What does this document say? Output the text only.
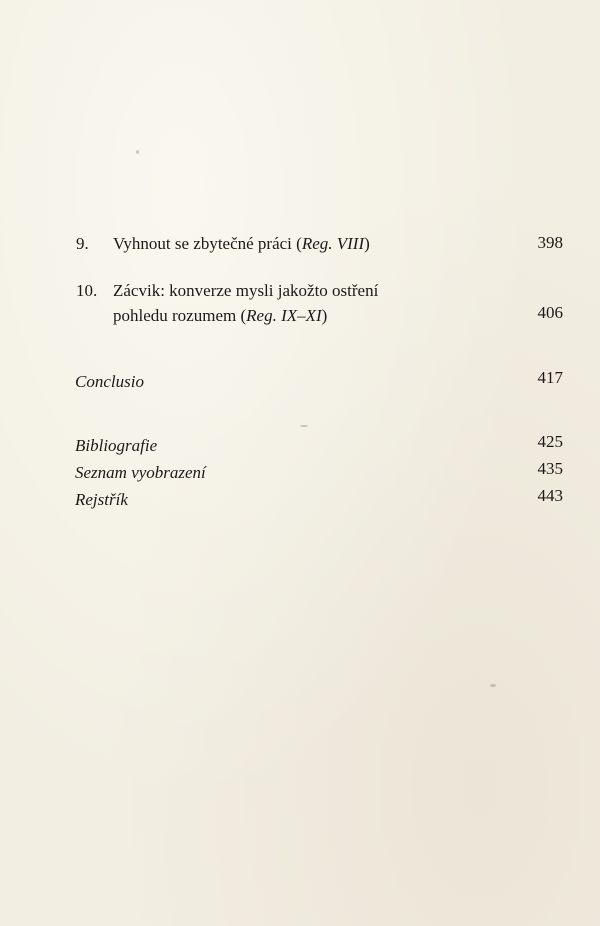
9. Vyhnout se zbytečné práci (Reg. VIII)	398
10. Zácvik: konverze mysli jakožto ostření
pohledu rozumem (Reg. IX–XI)	406
Conclusio	417
Bibliografie	425
Seznam vyobrazení	435
Rejstřík	443
